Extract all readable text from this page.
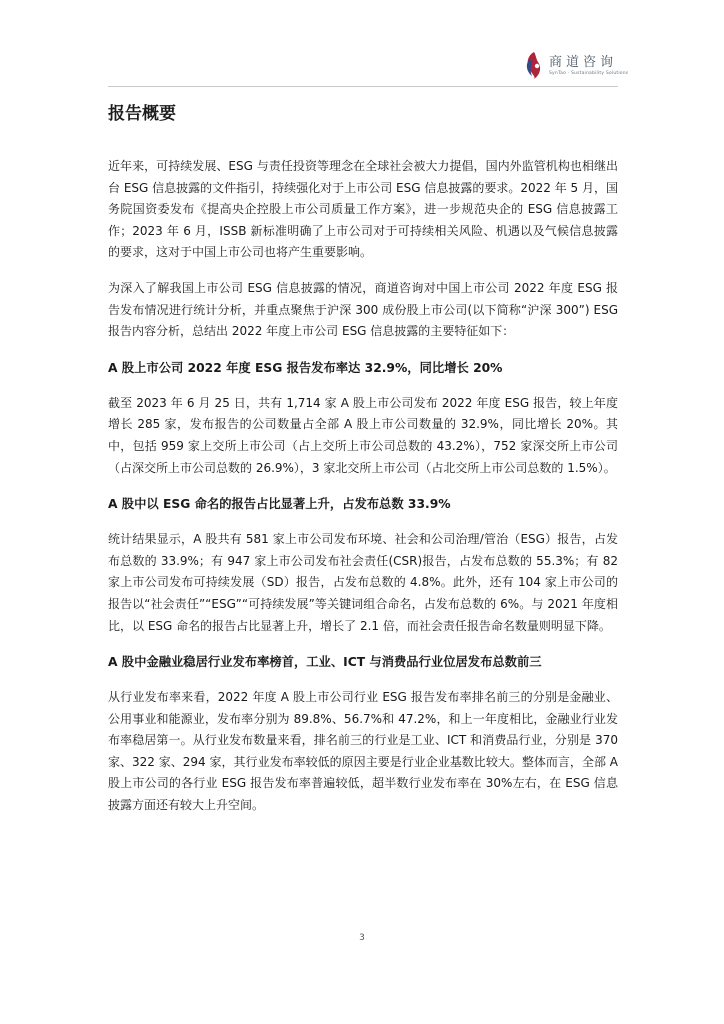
商道咨询
SynTao · Sustainability Solutions
报告概要

近年来，可持续发展、ESG 与责任投资等理念在全球社会被大力提倡，国内外监管机构也相继出台 ESG 信息披露的文件指引，持续强化对于上市公司 ESG 信息披露的要求。2022 年 5 月，国务院国资委发布《提高央企控股上市公司质量工作方案》，进一步规范央企的 ESG 信息披露工作；2023 年 6 月，ISSB 新标准明确了上市公司对于可持续相关风险、机遇以及气候信息披露的要求，这对于中国上市公司也将产生重要影响。

为深入了解我国上市公司 ESG 信息披露的情况，商道咨询对中国上市公司 2022 年度 ESG 报告发布情况进行统计分析，并重点聚焦于沪深 300 成份股上市公司(以下简称“沪深 300”) ESG 报告内容分析，总结出 2022 年度上市公司 ESG 信息披露的主要特征如下：

A 股上市公司 2022 年度 ESG 报告发布率达 32.9%，同比增长 20%

截至 2023 年 6 月 25 日，共有 1,714 家 A 股上市公司发布 2022 年度 ESG 报告，较上年度增长 285 家，发布报告的公司数量占全部 A 股上市公司数量的 32.9%，同比增长 20%。其中，包括 959 家上交所上市公司（占上交所上市公司总数的 43.2%），752 家深交所上市公司（占深交所上市公司总数的 26.9%），3 家北交所上市公司（占北交所上市公司总数的 1.5%）。

A 股中以 ESG 命名的报告占比显著上升，占发布总数 33.9%

统计结果显示，A 股共有 581 家上市公司发布环境、社会和公司治理/管治（ESG）报告，占发布总数的 33.9%；有 947 家上市公司发布社会责任(CSR)报告，占发布总数的 55.3%；有 82 家上市公司发布可持续发展（SD）报告，占发布总数的 4.8%。此外，还有 104 家上市公司的报告以“社会责任”“ESG”“可持续发展”等关键词组合命名，占发布总数的 6%。与 2021 年度相比，以 ESG 命名的报告占比显著上升，增长了 2.1 倍，而社会责任报告命名数量则明显下降。

A 股中金融业稳居行业发布率榜首，工业、ICT 与消费品行业位居发布总数前三

从行业发布率来看，2022 年度 A 股上市公司行业 ESG 报告发布率排名前三的分别是金融业、公用事业和能源业，发布率分别为 89.8%、56.7%和 47.2%，和上一年度相比，金融业行业发布率稳居第一。从行业发布数量来看，排名前三的行业是工业、ICT 和消费品行业，分别是 370 家、322 家、294 家，其行业发布率较低的原因主要是行业企业基数比较大。整体而言，全部 A 股上市公司的各行业 ESG 报告发布率普遍较低，超半数行业发布率在 30%左右，在 ESG 信息披露方面还有较大上升空间。

3
